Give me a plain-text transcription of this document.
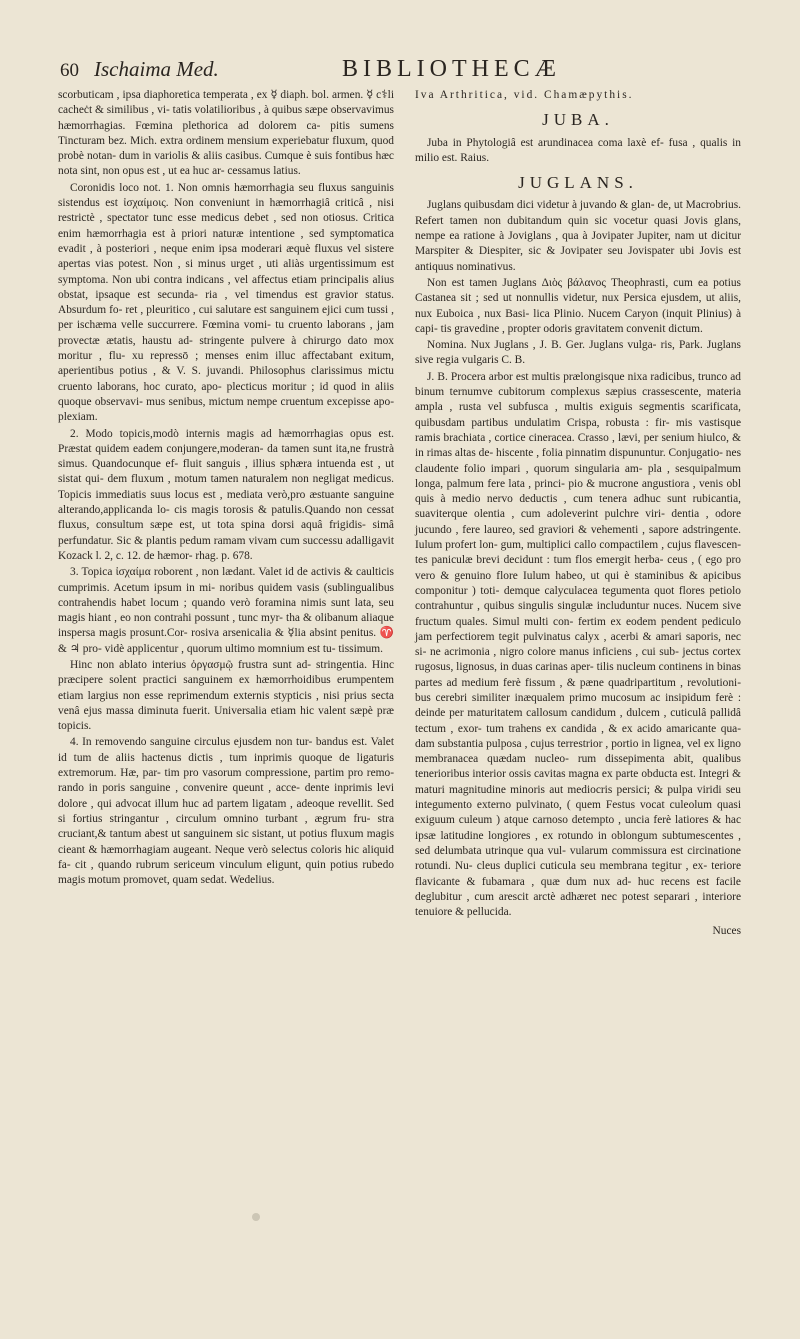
60 Ischaima Med.	BIBLIOTHECÆ

scorbuticam , ipsa diaphoretica temperata , ex ☿ diaph. bol. armen. ☿ c⚕li cacheċt & similibus , vi- tatis volatilioribus , à quibus sæpe observavimus hæmorrhagias. Fœmina plethorica ad dolorem ca- pitis sumens Tincturam bez. Mich. extra ordinem mensium experiebatur fluxum, quod probè notan- dum in variolis & aliis casibus. Cumque è suis fontibus hæc nota sint, non opus est , ut ea huc ar- cessamus latius.

Coronidis loco not. 1. Non omnis hæmorrhagia seu fluxus sanguinis sistendus est ἰσχαίμοις. Non conveniunt in hæmorrhagiâ criticâ , nisi restrictè , spectator tunc esse medicus debet , sed non otiosus. Critica enim hæmorrhagia est à priori naturæ intentione , sed symptomatica evadit , à posteriori , neque enim ipsa moderari æquè fluxus vel sistere apertas vias potest. Non , si minus urget , uti aliàs urgentissimum est symptoma. Non ubi contra indicans , vel affectus etiam principalis alius obstat, ipsaque est secunda- ria , vel timendus est gravior status. Absurdum fo- ret , pleuritico , cui salutare est sanguinem ejici cum tussi , per ischæma velle succurrere. Fœmina vomi- tu cruento laborans , jam provectæ ætatis, haustu ad- stringente pulvere à chirurgo dato mox moritur , flu- xu repressō ; menses enim illuc affectabant exitum, aperientibus potius , & V. S. juvandi. Philosophus clarissimus mictu cruento laborans, hoc curato, apo- plecticus moritur ; id quod in aliis quoque observavi- mus senibus, mictum nempe cruentum excepisse apo- plexiam.

2. Modo topicis,modò internis magis ad hæmorrhagias opus est. Præstat quidem eadem conjungere,moderan- da tamen sunt ita,ne frustrà simus. Quandocunque ef- fluit sanguis , illius sphæra intuenda est , ut sistat qui- dem fluxum , motum tamen naturalem non negligat medicus. Topicis immediatis suus locus est , mediata verò,pro æstuante sanguine alterando,applicanda lo- cis magis torosis & patulis.Quando non cessat fluxus, consultum sæpe est, ut tota spina dorsi aquâ frigidis- simâ perfundatur. Sic & plantis pedum ramam vivam cum successu adalligavit Kozack l. 2, c. 12. de hæmor- rhag. p. 678.

3. Topica ἰσχαίμα roborent , non lædant. Valet id de activis & caulticis cumprimis. Acetum ipsum in mi- noribus quidem vasis (sublingualibus contrahendis habet locum ; quando verò foramina nimis sunt lata, seu magis hiant , eo non contrahi possunt , tunc myr- tha & olibanum aliaque inspersa magis prosunt.Cor- rosiva arsenicalia & ☿lia absint penitus. ♈ & ♃ pro- vidè applicentur , quorum ultimo momnium est tu- tissimum.

Hinc non ablato interius ὀργασμῷ frustra sunt ad- stringentia. Hinc præcipere solent practici sanguinem ex hæmorrhoidibus erumpentem etiam largius non esse reprimendum externis stypticis , nisi prius secta venâ ejus massa diminuta fuerit. Universalia etiam hic valent sæpè præ topicis.

4. In removendo sanguine circulus ejusdem non tur- bandus est. Valet id tum de aliis hactenus dictis , tum inprimis quoque de ligaturis extremorum. Hæ, par- tim pro vasorum compressione, partim pro remo- rando in poris sanguine , convenire queunt , acce- dente inprimis levi dolore , qui advocat illum huc ad partem ligatam , adeoque revellit. Sed si fortius stringantur , circulum omnino turbant , ægrum fru- stra cruciant,& tantum abest ut sanguinem sic sistant, ut potius fluxum magis cieant & hæmorrhagiam augeant. Neque verò selectus coloris hic aliquid fa- cit , quando rubrum sericeum vinculum eligunt, quin potius rubedo magis motum promovet, quam sedat. Wedelius.

Iva Arthritica, vid. Chamæpythis.

JUBA.

Juba in Phytologiâ est arundinacea coma laxè ef- fusa , qualis in milio est. Raius.

JUGLANS.

Juglans quibusdam dici videtur à juvando & glan- de, ut Macrobrius. Refert tamen non dubitandum quin sic vocetur quasi Jovis glans, nempe ea ratione à Joviglans , qua à Jovipater Jupiter, nam ut dicitur Marspiter & Diespiter, sic & Jovipater seu Jovispater ubi Jovis est antiquus nominativus.

Non est tamen Juglans Διὸς βάλανος Theophrasti, cum ea potius Castanea sit ; sed ut nonnullis videtur, nux Persica ejusdem, ut aliis, nux Euboica , nux Basi- lica Plinio. Nucem Caryon (inquit Plinius) à capi- tis gravedine , propter odoris gravitatem convenit dictum.

Nomina. Nux Juglans , J. B. Ger. Juglans vulga- ris, Park. Juglans sive regia vulgaris C. B.

J. B. Procera arbor est multis prælongisque nixa radicibus, trunco ad binum ternumve cubitorum complexus sæpius crassescente, materia ampla , rusta vel subfusca , multis exiguis segmentis scarificata, quibusdam partibus undulatim Crispa, robusta : fir- mis vastisque ramis brachiata , cortice cineracea. Crasso , lævi, per senium hiulco, & in rimas altas de- hiscente , folia pinnatim dispununtur. Conjugatio- nes claudente folio impari , quorum singularia am- pla , sesquipalmum longa, palmum fere lata , princi- pio & mucrone angustiora , venis obl quis à medio nervo deductis , cum tenera adhuc sunt rubicantia, suaviterque olentia , cum adoleverint pulchre viri- dentia , odore jucundo , fere laureo, sed graviori & vehementi , sapore adstringente. Iulum profert lon- gum, multiplici callo compactilem , cujus flavescen- tes paniculæ brevi decidunt : tum flos emergit herba- ceus , ( ego pro vero & genuino flore Iulum habeo, ut qui è staminibus & apicibus componitur ) toti- demque calyculacea tegumenta quot flores petiolo contrahuntur , quibus singulis singulæ includuntur nuces. Nucem sive fructum quales. Simul multi con- fertim ex eodem pendent pediculo jam perfectiorem tegit pulvinatus calyx , acerbi & amari saporis, nec si- ne acrimonia , nigro colore manus inficiens , cui sub- jectus cortex rugosus, lignosus, in duas carinas aper- tilis nucleum continens in binas partes ad medium ferè fissum , & pæne quadripartitum , revolutioni- bus cerebri similiter inæqualem primo mucosum ac insipidum ferè : deinde per maturitatem callosum candidum , dulcem , cuticulâ pallidâ tectum , exor- tum trahens ex candida , & ex acido amaricante qua- dam substantia pulposa , cujus terrestrior , portio in lignea, vel ex ligno membranacea quædam nucleo- rum dissepimenta abit, qualibus tenerioribus interior ossis cavitas magna ex parte obducta est. Integri & maturi magnitudine minoris aut mediocris persici; & pulpa viridi seu integumento externo pulvinato, ( quem Festus vocat culeolum quasi exiguum culeum ) atque carnoso detempto , uncia ferè latiores & hac ipsæ latitudine longiores , ex rotundo in oblongum subtumescentes , sed delumbata utrinque qua vul- vularum commissura est circinatione rotundi. Nu- cleus duplici cuticula seu membrana tegitur , ex- teriore flavicante & fubamara , quæ dum nux ad- huc recens est facile deglubitur , cum arescit arctè adhæret nec potest separari , interiore tenuiore & pellucida.

Nuces
